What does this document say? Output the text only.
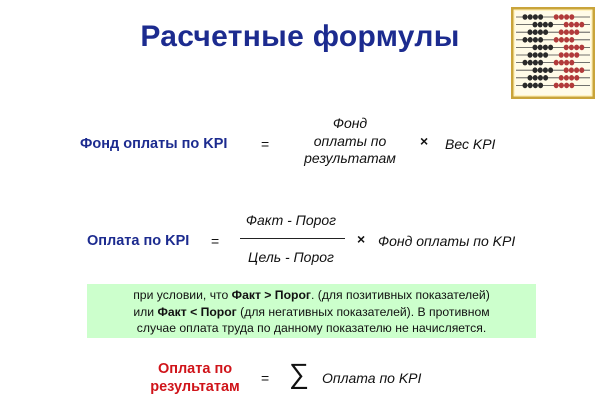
Расчетные формулы
Фонд оплаты по KPI =
Фонд
оплаты по
результатам
× Вес KPI
Оплата по KPI =
Факт - Порог
Цель - Порог
× Фонд оплаты по KPI
при условии, что Факт > Порог. (для позитивных показателей)
или Факт < Порог (для негативных показателей). В противном
случае оплата труда по данному показателю не начисляется.
Оплата по
результатам
= ∑ Оплата по KPI
